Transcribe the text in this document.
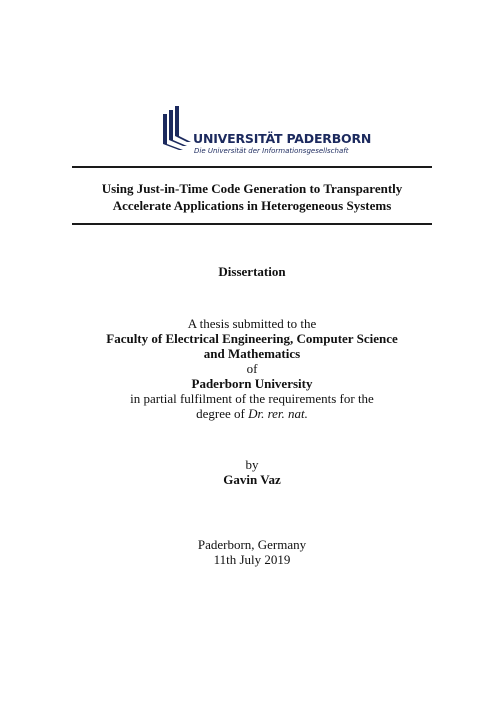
UNIVERSITÄT PADERBORN
Die Universität der Informationsgesellschaft
Using Just-in-Time Code Generation to Transparently
Accelerate Applications in Heterogeneous Systems
Dissertation
A thesis submitted to the
Faculty of Electrical Engineering, Computer Science
and Mathematics
of
Paderborn University
in partial fulfilment of the requirements for the
degree of Dr. rer. nat.
by
Gavin Vaz
Paderborn, Germany
11th July 2019
